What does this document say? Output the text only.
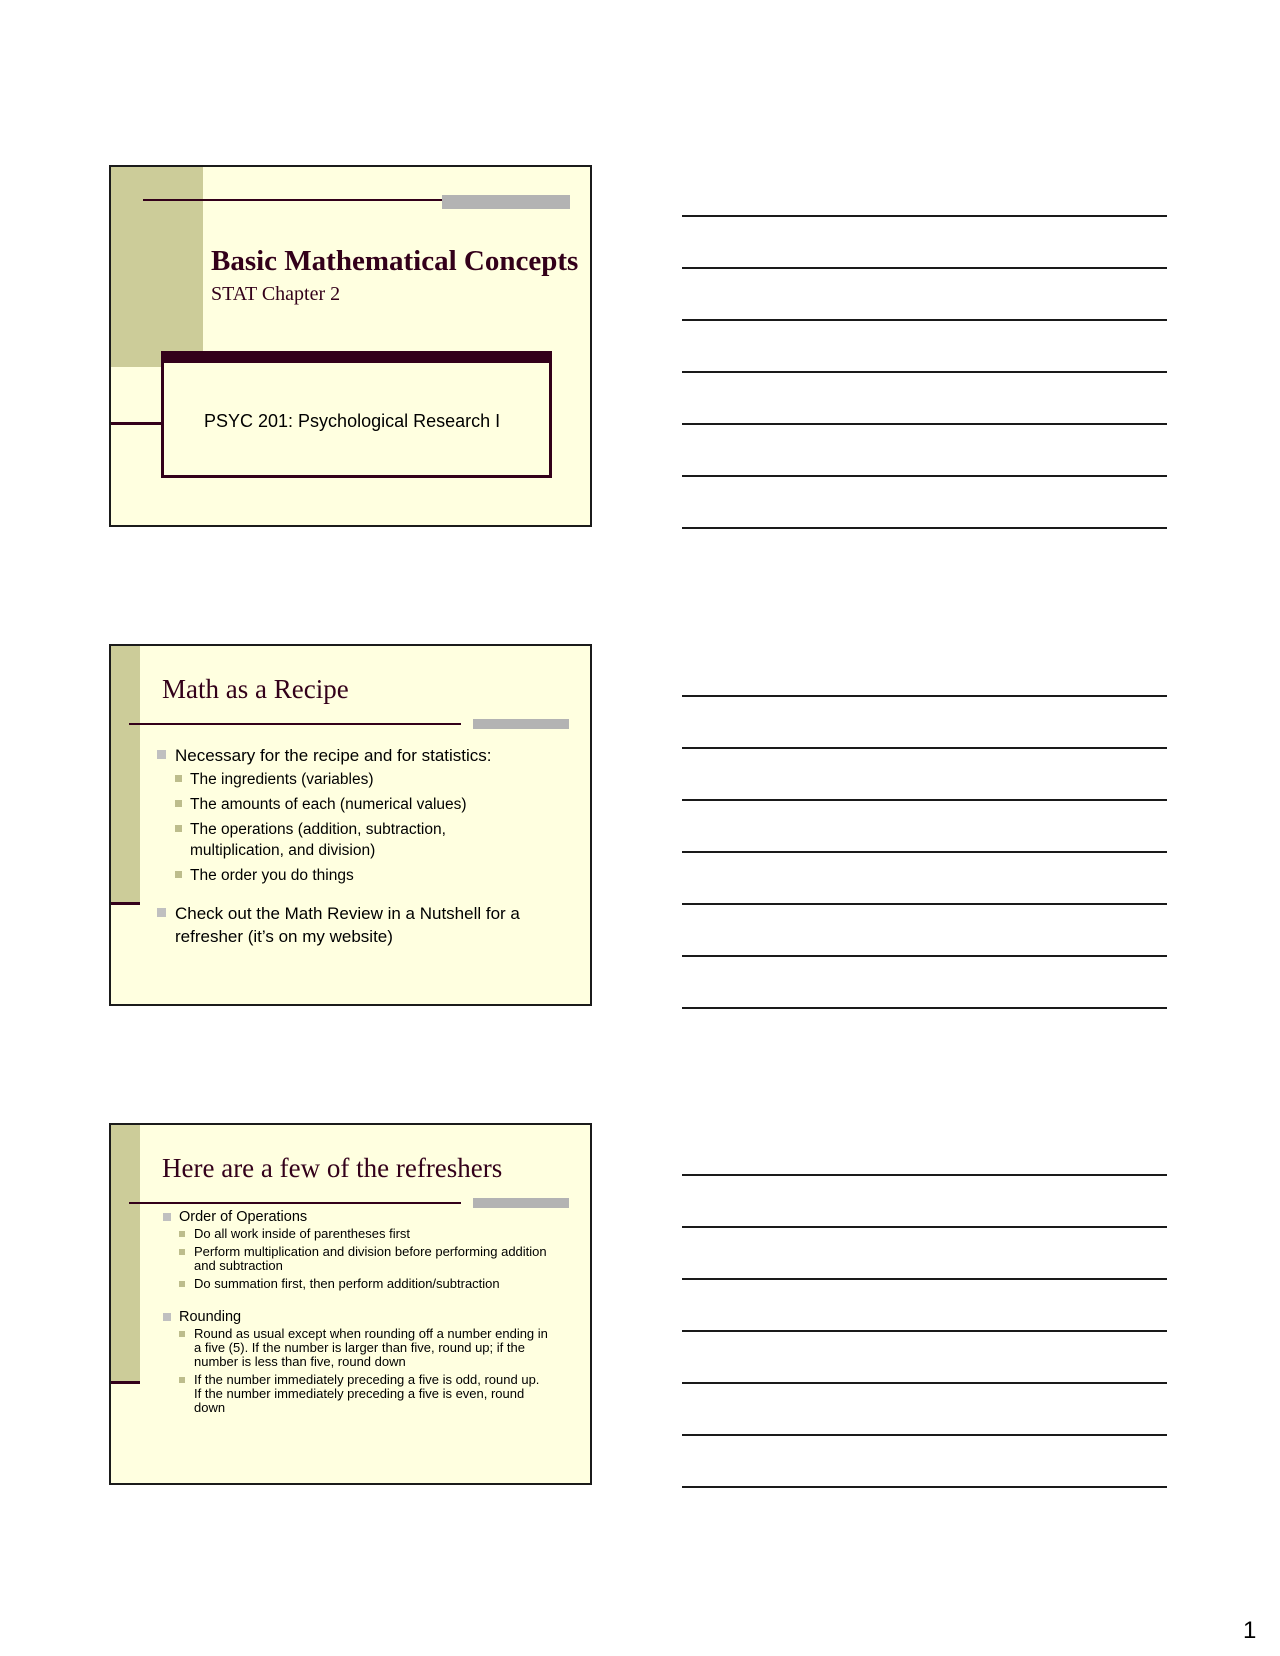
Basic Mathematical Concepts

STAT Chapter 2

PSYC 201: Psychological Research I

Math as a Recipe
Necessary for the recipe and for statistics:
The ingredients (variables)
The amounts of each (numerical values)
The operations (addition, subtraction, multiplication, and division)
The order you do things
Check out the Math Review in a Nutshell for a refresher (it’s on my website)
Here are a few of the refreshers
Order of Operations
Do all work inside of parentheses first
Perform multiplication and division before performing addition and subtraction
Do summation first, then perform addition/subtraction
Rounding
Round as usual except when rounding off a number ending in a five (5). If the number is larger than five, round up; if the number is less than five, round down
If the number immediately preceding a five is odd, round up. If the number immediately preceding a five is even, round down

1
